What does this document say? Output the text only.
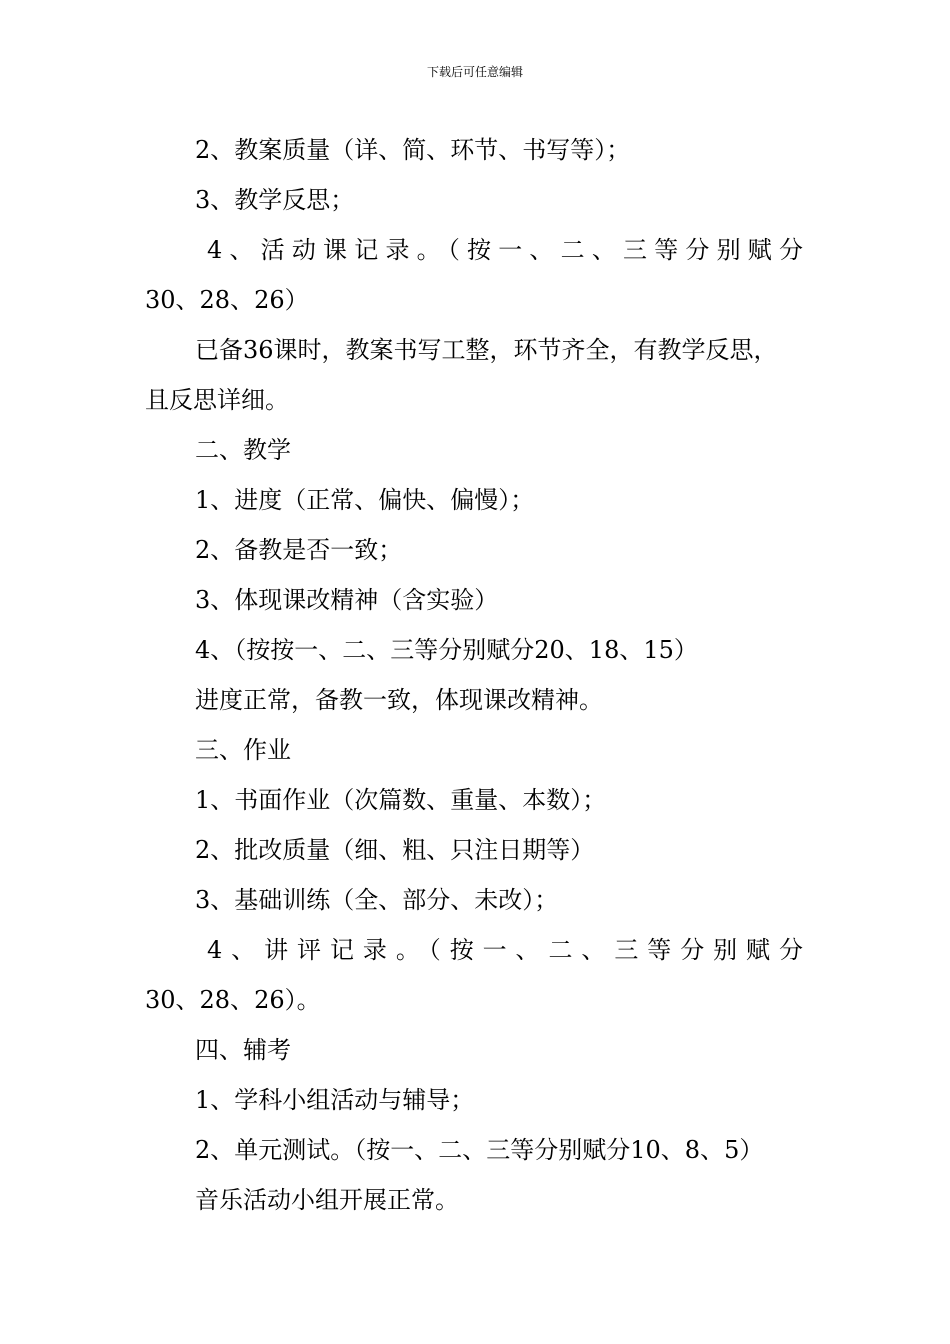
下载后可任意编辑
2、教案质量（详、简、环节、书写等）；
3、教学反思；
4、活动课记录。（按一、二、三等分别赋分
30、28、26）
已备36课时，教案书写工整，环节齐全，有教学反思，
且反思详细。
二、教学
1、进度（正常、偏快、偏慢）；
2、备教是否一致；
3、体现课改精神（含实验）
4、（按按一、二、三等分别赋分20、18、15）
进度正常，备教一致，体现课改精神。
三、作业
1、书面作业（次篇数、重量、本数）；
2、批改质量（细、粗、只注日期等）
3、基础训练（全、部分、未改）；
4、讲评记录。（按一、二、三等分别赋分
30、28、26）。
四、辅考
1、学科小组活动与辅导；
2、单元测试。（按一、二、三等分别赋分10、8、5）
音乐活动小组开展正常。
